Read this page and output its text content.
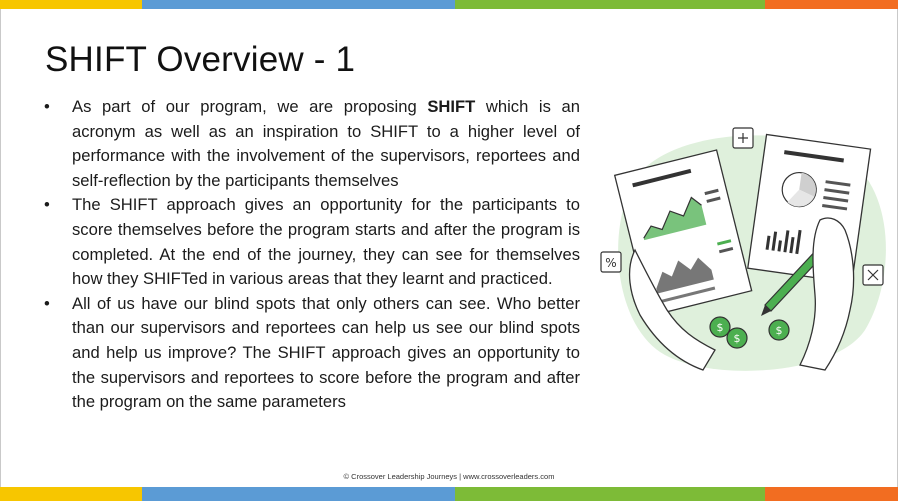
SHIFT Overview - 1
• As part of our program, we are proposing SHIFT which is an acronym as well as an inspiration to SHIFT to a higher level of performance with the involvement of the supervisors, reportees and self-reflection by the participants themselves
• The SHIFT approach gives an opportunity for the participants to score themselves before the program starts and after the program is completed. At the end of the journey, they can see for themselves how they SHIFTed in various areas that they learnt and practiced.
• All of us have our blind spots that only others can see. Who better than our supervisors and reportees can help us see our blind spots and help us improve? The SHIFT approach gives an opportunity to the supervisors and reportees to score before the program and after the program on the same parameters
%
$
$
$
© Crossover Leadership Journeys | www.crossoverleaders.com
